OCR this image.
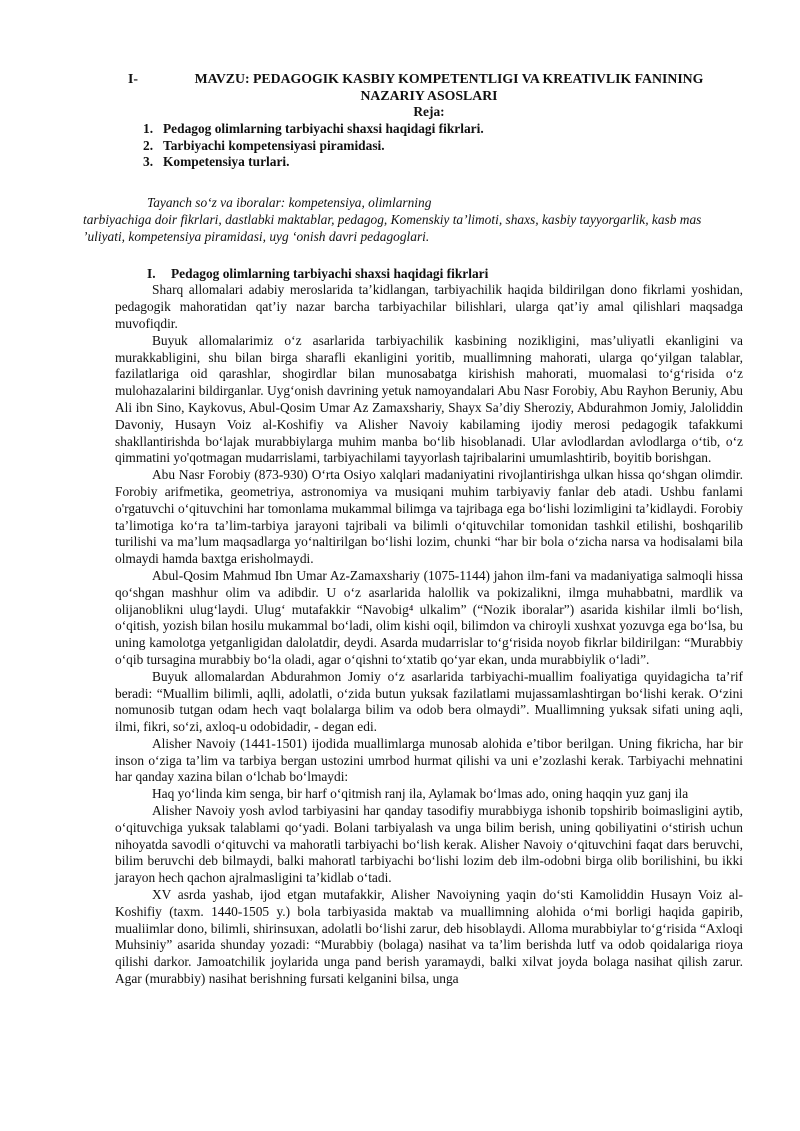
I-	MAVZU: PEDAGOGIK KASBIY KOMPETENTLIGI VA KREATIVLIK FANINING
NAZARIY ASOSLARI
Reja:
1. Pedagog olimlarning tarbiyachi shaxsi haqidagi fikrlari.
2. Tarbiyachi kompetensiyasi piramidasi.
3. Kompetensiya turlari.
Tayanch so‘z va iboralar: kompetensiya, olimlarning
tarbiyachiga doir fikrlari, dastlabki maktablar, pedagog, Komenskiy ta’limoti, shaxs, kasbiy tayyorgarlik, kasb mas ’uliyati, kompetensiya piramidasi, uyg ‘onish davri pedagoglari.
I. Pedagog olimlarning tarbiyachi shaxsi haqidagi fikrlari

Sharq allomalari adabiy meroslarida ta’kidlangan, tarbiyachilik haqida bildirilgan dono fikrlami yoshidan, pedagogik mahoratidan qat’iy nazar barcha tarbiyachilar bilishlari, ularga qat’iy amal qilishlari maqsadga muvofiqdir.

Buyuk allomalarimiz o‘z asarlarida tarbiyachilik kasbining nozikligini, mas’uliyatli ekanligini va murakkabligini, shu bilan birga sharafli ekanligini yoritib, muallimning mahorati, ularga qo‘yilgan talablar, fazilatlariga oid qarashlar, shogirdlar bilan munosabatga kirishish mahorati, muomalasi to‘g‘risida o‘z mulohazalarini bildirganlar. Uyg‘onish davrining yetuk namoyandalari Abu Nasr Forobiy, Abu Rayhon Beruniy, Abu Ali ibn Sino, Kaykovus, Abul-Qosim Umar Az Zamaxshariy, Shayx Sa’diy Sheroziy, Abdurahmon Jomiy, Jaloliddin Davoniy, Husayn Voiz al-Koshifiy va Alisher Navoiy kabilaming ijodiy merosi pedagogik tafakkumi shakllantirishda bo‘lajak murabbiylarga muhim manba bo‘lib hisoblanadi. Ular avlodlardan avlodlarga o‘tib, o‘z qimmatini yo'qotmagan mudarrislami, tarbiyachilami tayyorlash tajribalarini umumlashtirib, boyitib borishgan.

Abu Nasr Forobiy (873-930) O‘rta Osiyo xalqlari madaniyatini rivojlantirishga ulkan hissa qo‘shgan olimdir. Forobiy arifmetika, geometriya, astronomiya va musiqani muhim tarbiyaviy fanlar deb atadi. Ushbu fanlami o'rgatuvchi o‘qituvchini har tomonlama mukammal bilimga va tajribaga ega bo‘lishi lozimligini ta’kidlaydi. Forobiy ta’limotiga ko‘ra ta’lim-tarbiya jarayoni tajribali va bilimli o‘qituvchilar tomonidan tashkil etilishi, boshqarilib turilishi va ma’lum maqsadlarga yo‘naltirilgan bo‘lishi lozim, chunki “har bir bola o‘zicha narsa va hodisalami bila olmaydi hamda baxtga erisholmaydi.

Abul-Qosim Mahmud Ibn Umar Az-Zamaxshariy (1075-1144) jahon ilm-fani va madaniyatiga salmoqli hissa qo‘shgan mashhur olim va adibdir. U o‘z asarlarida halollik va pokizalikni, ilmga muhabbatni, mardlik va olijanoblikni ulug‘laydi. Ulug‘ mutafakkir “Navobig⁴ ulkalim” (“Nozik iboralar”) asarida kishilar ilmli bo‘lish, o‘qitish, yozish bilan hosilu mukammal bo‘ladi, olim kishi oqil, bilimdon va chiroyli xushxat yozuvga ega bo‘lsa, bu uning kamolotga yetganligidan dalolatdir, deydi. Asarda mudarrislar to‘g‘risida noyob fikrlar bildirilgan: “Murabbiy o‘qib tursagina murabbiy bo‘la oladi, agar o‘qishni to‘xtatib qo‘yar ekan, unda murabbiylik o‘ladi”.

Buyuk allomalardan Abdurahmon Jomiy o‘z asarlarida tarbiyachi-muallim foaliyatiga quyidagicha ta’rif beradi: “Muallim bilimli, aqlli, adolatli, o‘zida butun yuksak fazilatlami mujassamlashtirgan bo‘lishi kerak. O‘zini nomunosib tutgan odam hech vaqt bolalarga bilim va odob bera olmaydi”. Muallimning yuksak sifati uning aqli, ilmi, fikri, so‘zi, axloq-u odobidadir, - degan edi.

Alisher Navoiy (1441-1501) ijodida muallimlarga munosab alohida e’tibor berilgan. Uning fikricha, har bir inson o‘ziga ta’lim va tarbiya bergan ustozini umrbod hurmat qilishi va uni e’zozlashi kerak. Tarbiyachi mehnatini har qanday xazina bilan o‘lchab bo‘lmaydi:

Haq yo‘linda kim senga, bir harf o‘qitmish ranj ila, Aylamak bo‘lmas ado, oning haqqin yuz ganj ila

Alisher Navoiy yosh avlod tarbiyasini har qanday tasodifiy murabbiyga ishonib topshirib boimasligini aytib, o‘qituvchiga yuksak talablami qo‘yadi. Bolani tarbiyalash va unga bilim berish, uning qobiliyatini o‘stirish uchun nihoyatda savodli o‘qituvchi va mahoratli tarbiyachi bo‘lish kerak. Alisher Navoiy o‘qituvchini faqat dars beruvchi, bilim beruvchi deb bilmaydi, balki mahoratl tarbiyachi bo‘lishi lozim deb ilm-odobni birga olib borilishini, bu ikki jarayon hech qachon ajralmasligini ta’kidlab o‘tadi.

XV asrda yashab, ijod etgan mutafakkir, Alisher Navoiyning yaqin do‘sti Kamoliddin Husayn Voiz al-Koshifiy (taxm. 1440-1505 y.) bola tarbiyasida maktab va muallimning alohida o‘mi borligi haqida gapirib, mualiimlar dono, bilimli, shirinsuxan, adolatli bo‘lishi zarur, deb hisoblaydi. Alloma murabbiylar to‘g‘risida “Axloqi Muhsiniy” asarida shunday yozadi: “Murabbiy (bolaga) nasihat va ta’lim berishda lutf va odob qoidalariga rioya qilishi darkor. Jamoatchilik joylarida unga pand berish yaramaydi, balki xilvat joyda bolaga nasihat qilish zarur. Agar (murabbiy) nasihat berishning fursati kelganini bilsa, unga
